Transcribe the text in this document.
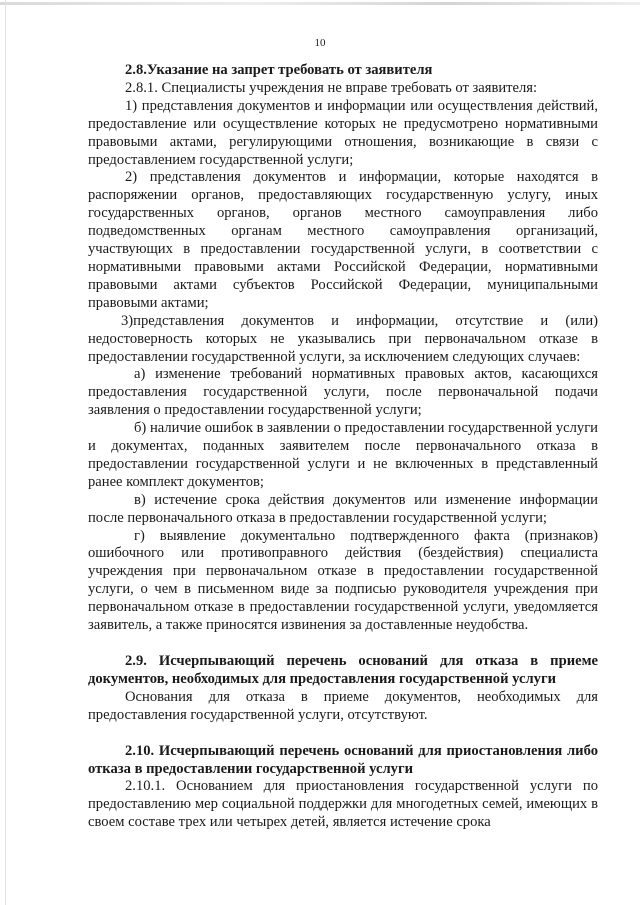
10

2.8.Указание на запрет требовать от заявителя

2.8.1. Специалисты учреждения не вправе требовать от заявителя:

1) представления документов и информации или осуществления действий, предоставление или осуществление которых не предусмотрено нормативными правовыми актами, регулирующими отношения, возникающие в связи с предоставлением государственной услуги;

2) представления документов и информации, которые находятся в распоряжении органов, предоставляющих государственную услугу, иных государственных органов, органов местного самоуправления либо подведомственных органам местного самоуправления организаций, участвующих в предоставлении государственной услуги, в соответствии с нормативными правовыми актами Российской Федерации, нормативными правовыми актами субъектов Российской Федерации, муниципальными правовыми актами;

3)представления документов и информации, отсутствие и (или) недостоверность которых не указывались при первоначальном отказе в предоставлении государственной услуги, за исключением следующих случаев:

а) изменение требований нормативных правовых актов, касающихся предоставления государственной услуги, после первоначальной подачи заявления о предоставлении государственной услуги;

б) наличие ошибок в заявлении о предоставлении государственной услуги и документах, поданных заявителем после первоначального отказа в предоставлении государственной услуги и не включенных в представленный ранее комплект документов;

в) истечение срока действия документов или изменение информации после первоначального отказа в предоставлении государственной услуги;

г) выявление документально подтвержденного факта (признаков) ошибочного или противоправного действия (бездействия) специалиста учреждения при первоначальном отказе в предоставлении государственной услуги, о чем в письменном виде за подписью руководителя учреждения при первоначальном отказе в предоставлении государственной услуги, уведомляется заявитель, а также приносятся извинения за доставленные неудобства.

2.9. Исчерпывающий перечень оснований для отказа в приеме документов, необходимых для предоставления государственной услуги

Основания для отказа в приеме документов, необходимых для предоставления государственной услуги, отсутствуют.

2.10. Исчерпывающий перечень оснований для приостановления либо отказа в предоставлении государственной услуги

2.10.1. Основанием для приостановления государственной услуги по предоставлению мер социальной поддержки для многодетных семей, имеющих в своем составе трех или четырех детей, является истечение срока
